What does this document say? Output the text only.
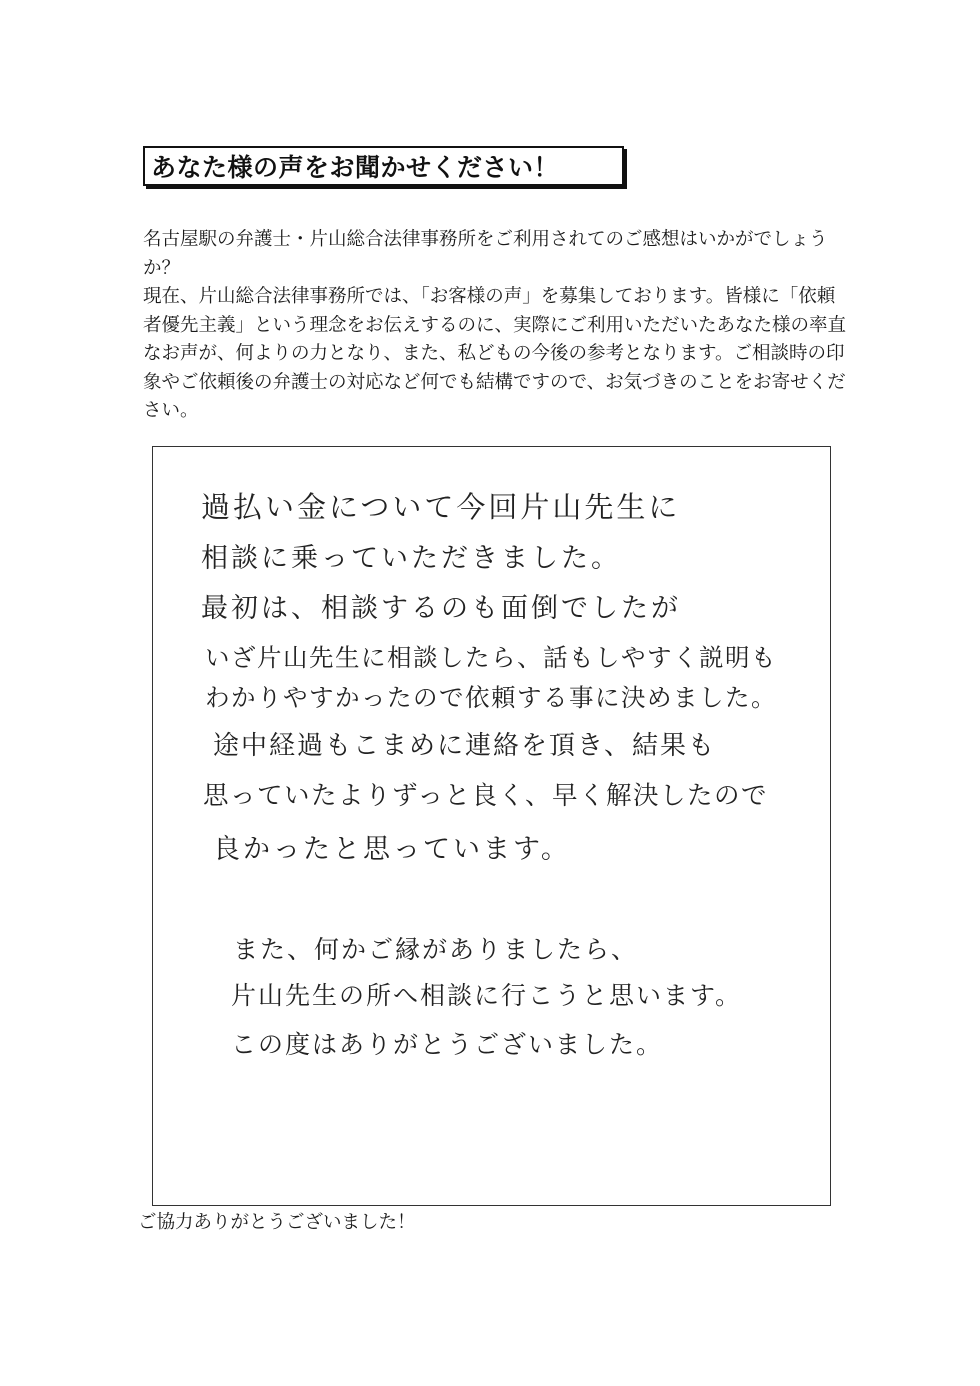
あなた様の声をお聞かせください！

名古屋駅の弁護士・片山総合法律事務所をご利用されてのご感想はいかがでしょうか？

現在、片山総合法律事務所では、「お客様の声」を募集しております。皆様に「依頼者優先主義」という理念をお伝えするのに、実際にご利用いただいたあなた様の率直なお声が、何よりの力となり、また、私どもの今後の参考となります。ご相談時の印象やご依頼後の弁護士の対応など何でも結構ですので、お気づきのことをお寄せください。

過払い金について今回片山先生に
相談に乗っていただきました。
最初は、相談するのも面倒でしたが
いざ片山先生に相談したら、話もしやすく説明も
わかりやすかったので依頼する事に決めました。
途中経過もこまめに連絡を頂き、結果も
思っていたよりずっと良く、早く解決したので
良かったと思っています。
また、何かご縁がありましたら、
片山先生の所へ相談に行こうと思います。
この度はありがとうございました。
ご協力ありがとうございました！
